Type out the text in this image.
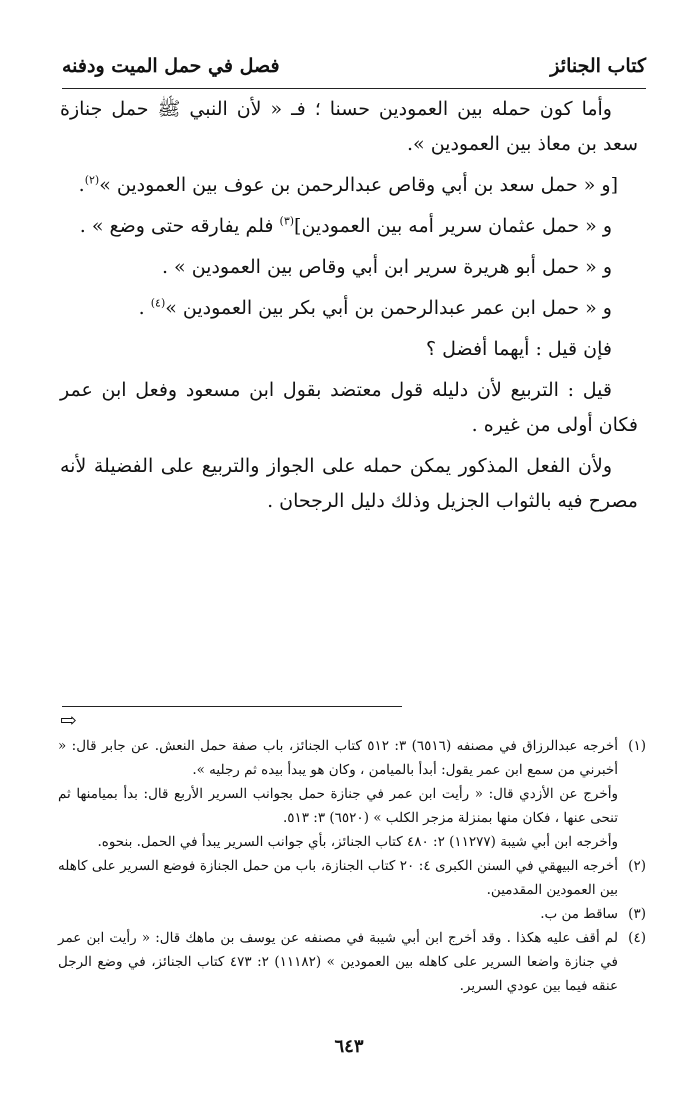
كتاب الجنائز
فصل في حمل الميت ودفنه

وأما كون حمله بين العمودين حسنا ؛ فـ « لأن النبي ﷺ حمل جنازة سعد بن معاذ بين العمودين ».

[و « حمل سعد بن أبي وقاص عبدالرحمن بن عوف بين العمودين »$^{(٢)}$.

و « حمل عثمان سرير أمه بين العمودين]$^{(٣)}$ فلم يفارقه حتى وضع » .

و « حمل أبو هريرة سرير ابن أبي وقاص بين العمودين » .

و « حمل ابن عمر عبدالرحمن بن أبي بكر بين العمودين »$^{(٤)}$ .

فإن قيل : أيهما أفضل ؟

قيل : التربيع لأن دليله قول معتضد بقول ابن مسعود وفعل ابن عمر فكان أولى من غيره .

ولأن الفعل المذكور يمكن حمله على الجواز والتربيع على الفضيلة لأنه مصرح فيه بالثواب الجزيل وذلك دليل الرجحان .

⇨
(١)
أخرجه عبدالرزاق في مصنفه (٦٥١٦) ٣: ٥١٢ كتاب الجنائز، باب صفة حمل النعش. عن جابر قال: « أخبرني من سمع ابن عمر يقول: أبدأ بالميامن ، وكان هو يبدأ بيده ثم رجليه ».
وأخرج عن الأزدي قال: « رأيت ابن عمر في جنازة حمل بجوانب السرير الأربع قال: بدأ بميامنها ثم تنحى عنها ، فكان منها بمنزلة مزجر الكلب » (٦٥٢٠) ٣: ٥١٣.
وأخرجه ابن أبي شيبة (١١٢٧٧) ٢: ٤٨٠ كتاب الجنائز، بأي جوانب السرير يبدأ في الحمل. بنحوه.
(٢)
أخرجه البيهقي في السنن الكبرى ٤: ٢٠ كتاب الجنازة، باب من حمل الجنازة فوضع السرير على كاهله بين العمودين المقدمين.
(٣)
ساقط من ب.
(٤)
لم أقف عليه هكذا . وقد أخرج ابن أبي شيبة في مصنفه عن يوسف بن ماهك قال: « رأيت ابن عمر في جنازة واضعا السرير على كاهله بين العمودين » (١١١٨٢) ٢: ٤٧٣ كتاب الجنائز، في وضع الرجل عنقه فيما بين عودي السرير.
٦٤٣
